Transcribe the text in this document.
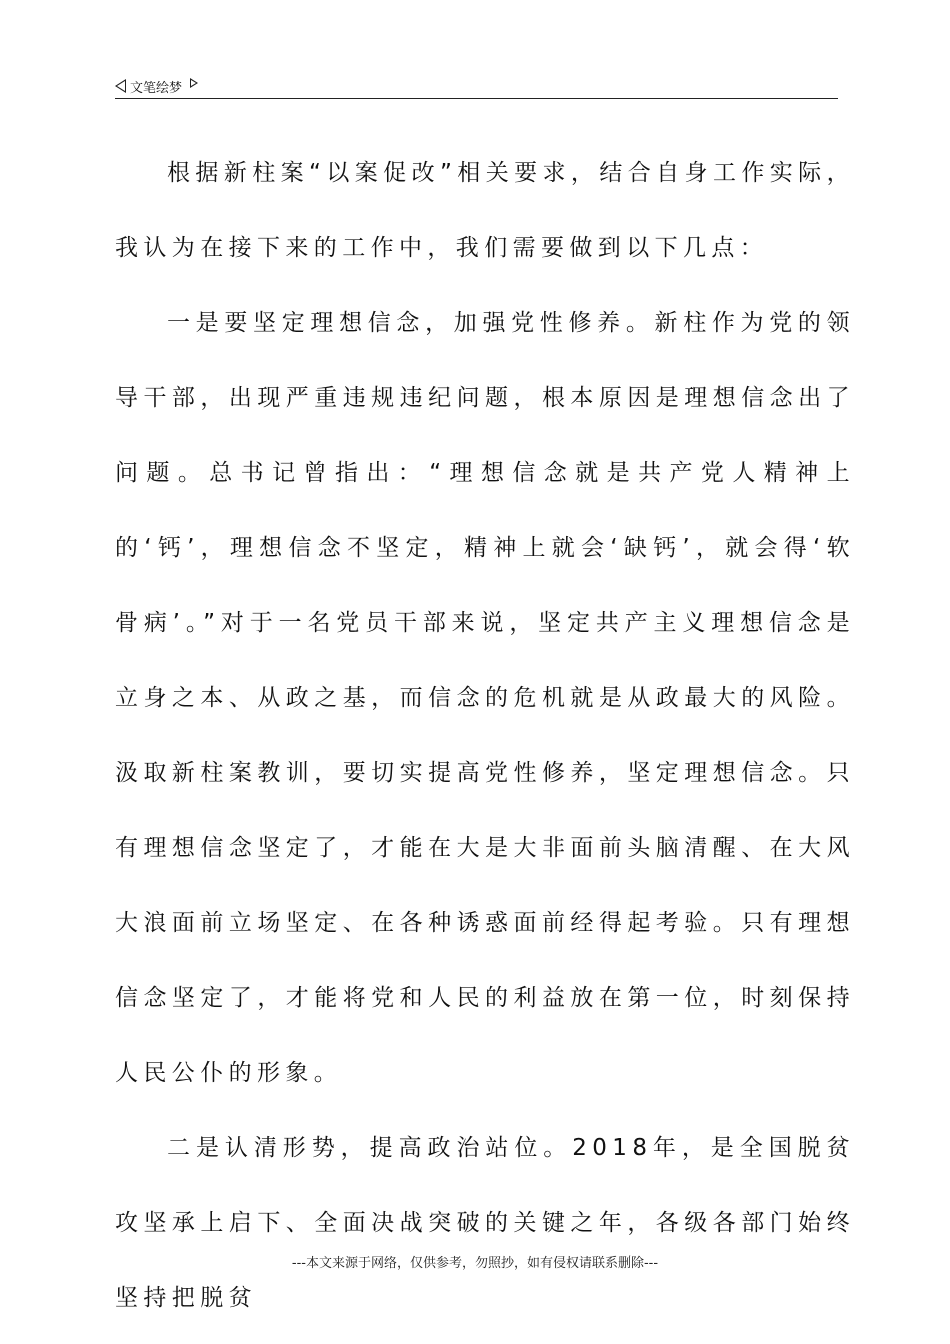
文笔绘梦

根据新柱案“以案促改”相关要求，结合自身工作实际，我认为在接下来的工作中，我们需要做到以下几点：

一是要坚定理想信念，加强党性修养。新柱作为党的领导干部，出现严重违规违纪问题，根本原因是理想信念出了问题。总书记曾指出：“理想信念就是共产党人精神上的‘钙’，理想信念不坚定，精神上就会‘缺钙’，就会得‘软骨病’。”对于一名党员干部来说，坚定共产主义理想信念是立身之本、从政之基，而信念的危机就是从政最大的风险。汲取新柱案教训，要切实提高党性修养，坚定理想信念。只有理想信念坚定了，才能在大是大非面前头脑清醒、在大风大浪面前立场坚定、在各种诱惑面前经得起考验。只有理想信念坚定了，才能将党和人民的利益放在第一位，时刻保持人民公仆的形象。

二是认清形势，提高政治站位。2018年，是全国脱贫攻坚承上启下、全面决战突破的关键之年，各级各部门始终坚持把脱贫

---本文来源于网络，仅供参考，勿照抄，如有侵权请联系删除---
